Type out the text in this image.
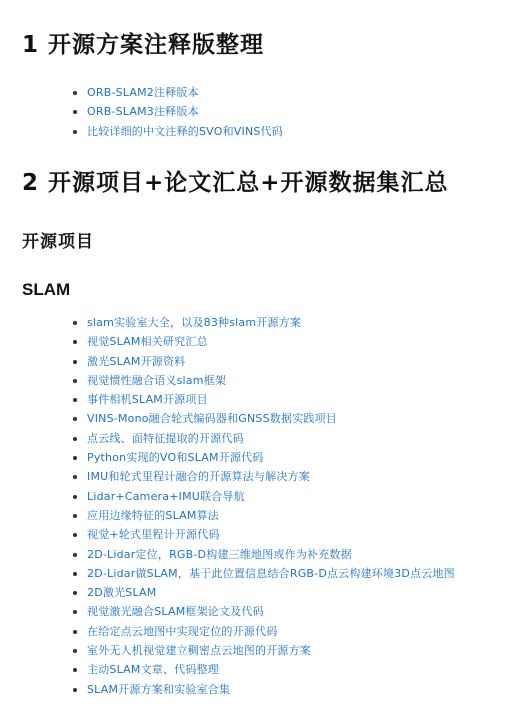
1 开源方案注释版整理
ORB-SLAM2注释版本
ORB-SLAM3注释版本
比较详细的中文注释的SVO和VINS代码
2 开源项目+论文汇总+开源数据集汇总
开源项目
SLAM
slam实验室大全，以及83种slam开源方案
视觉SLAM相关研究汇总
激光SLAM开源资料
视觉惯性融合语义slam框架
事件相机SLAM开源项目
VINS-Mono融合轮式编码器和GNSS数据实践项目
点云线、面特征提取的开源代码
Python实现的VO和SLAM开源代码
IMU和轮式里程计融合的开源算法与解决方案
Lidar+Camera+IMU联合导航
应用边缘特征的SLAM算法
视觉+轮式里程计开源代码
2D-Lidar定位，RGB-D构建三维地图或作为补充数据
2D-Lidar做SLAM，基于此位置信息结合RGB-D点云构建环境3D点云地图
2D激光SLAM
视觉激光融合SLAM框架论文及代码
在给定点云地图中实现定位的开源代码
室外无人机视觉建立稠密点云地图的开源方案
主动SLAM文章、代码整理
SLAM开源方案和实验室合集
